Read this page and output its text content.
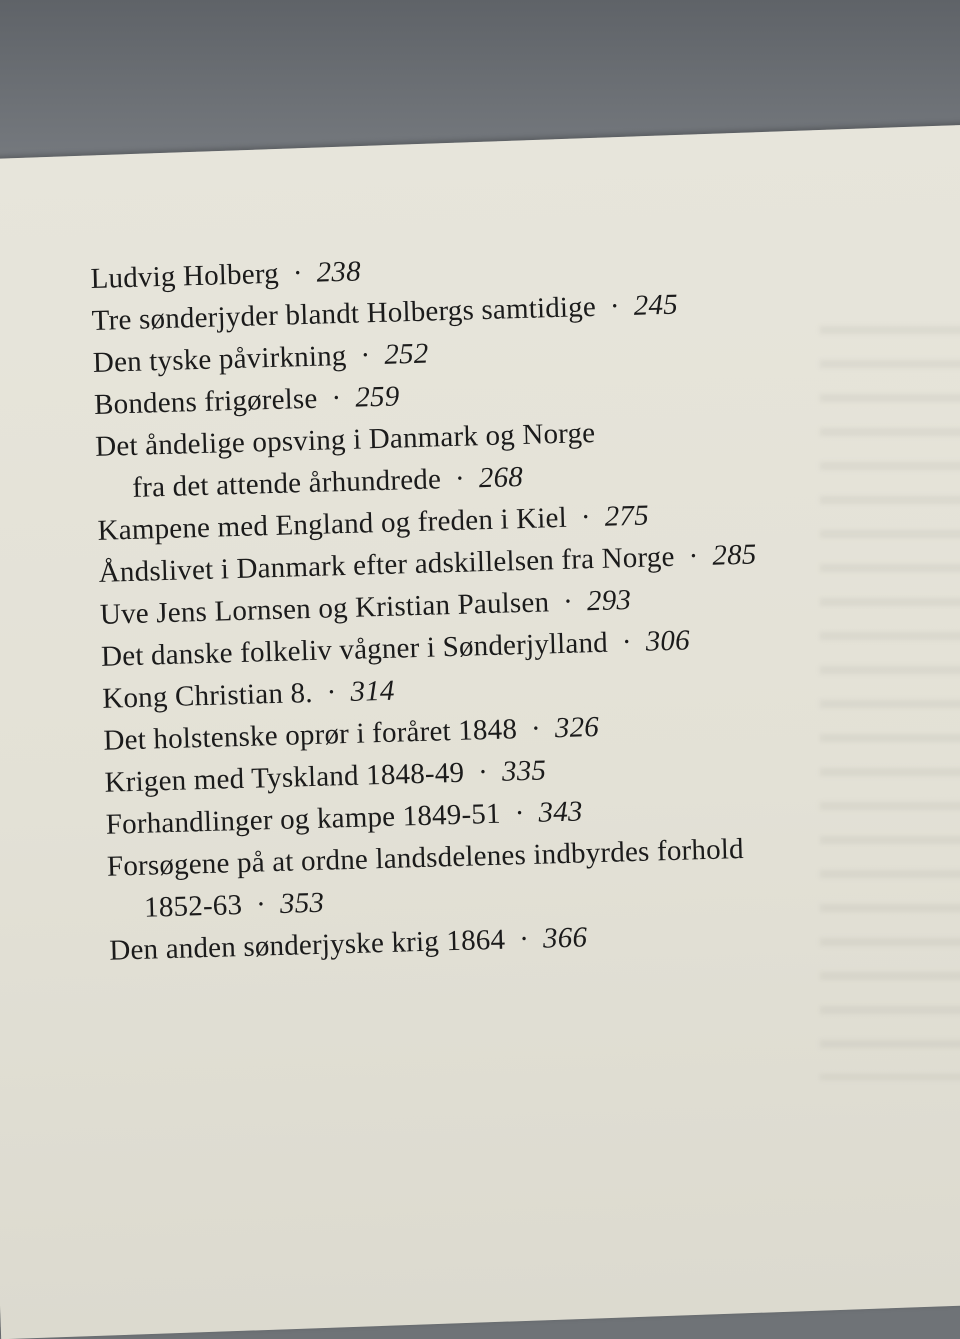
Ludvig Holberg · 238
Tre sønderjyder blandt Holbergs samtidige · 245
Den tyske påvirkning · 252
Bondens frigørelse · 259
Det åndelige opsving i Danmark og Norge
fra det attende århundrede · 268
Kampene med England og freden i Kiel · 275
Åndslivet i Danmark efter adskillelsen fra Norge · 285
Uve Jens Lornsen og Kristian Paulsen · 293
Det danske folkeliv vågner i Sønderjylland · 306
Kong Christian 8. · 314
Det holstenske oprør i foråret 1848 · 326
Krigen med Tyskland 1848-49 · 335
Forhandlinger og kampe 1849-51 · 343
Forsøgene på at ordne landsdelenes indbyrdes forhold
1852-63 · 353
Den anden sønderjyske krig 1864 · 366
